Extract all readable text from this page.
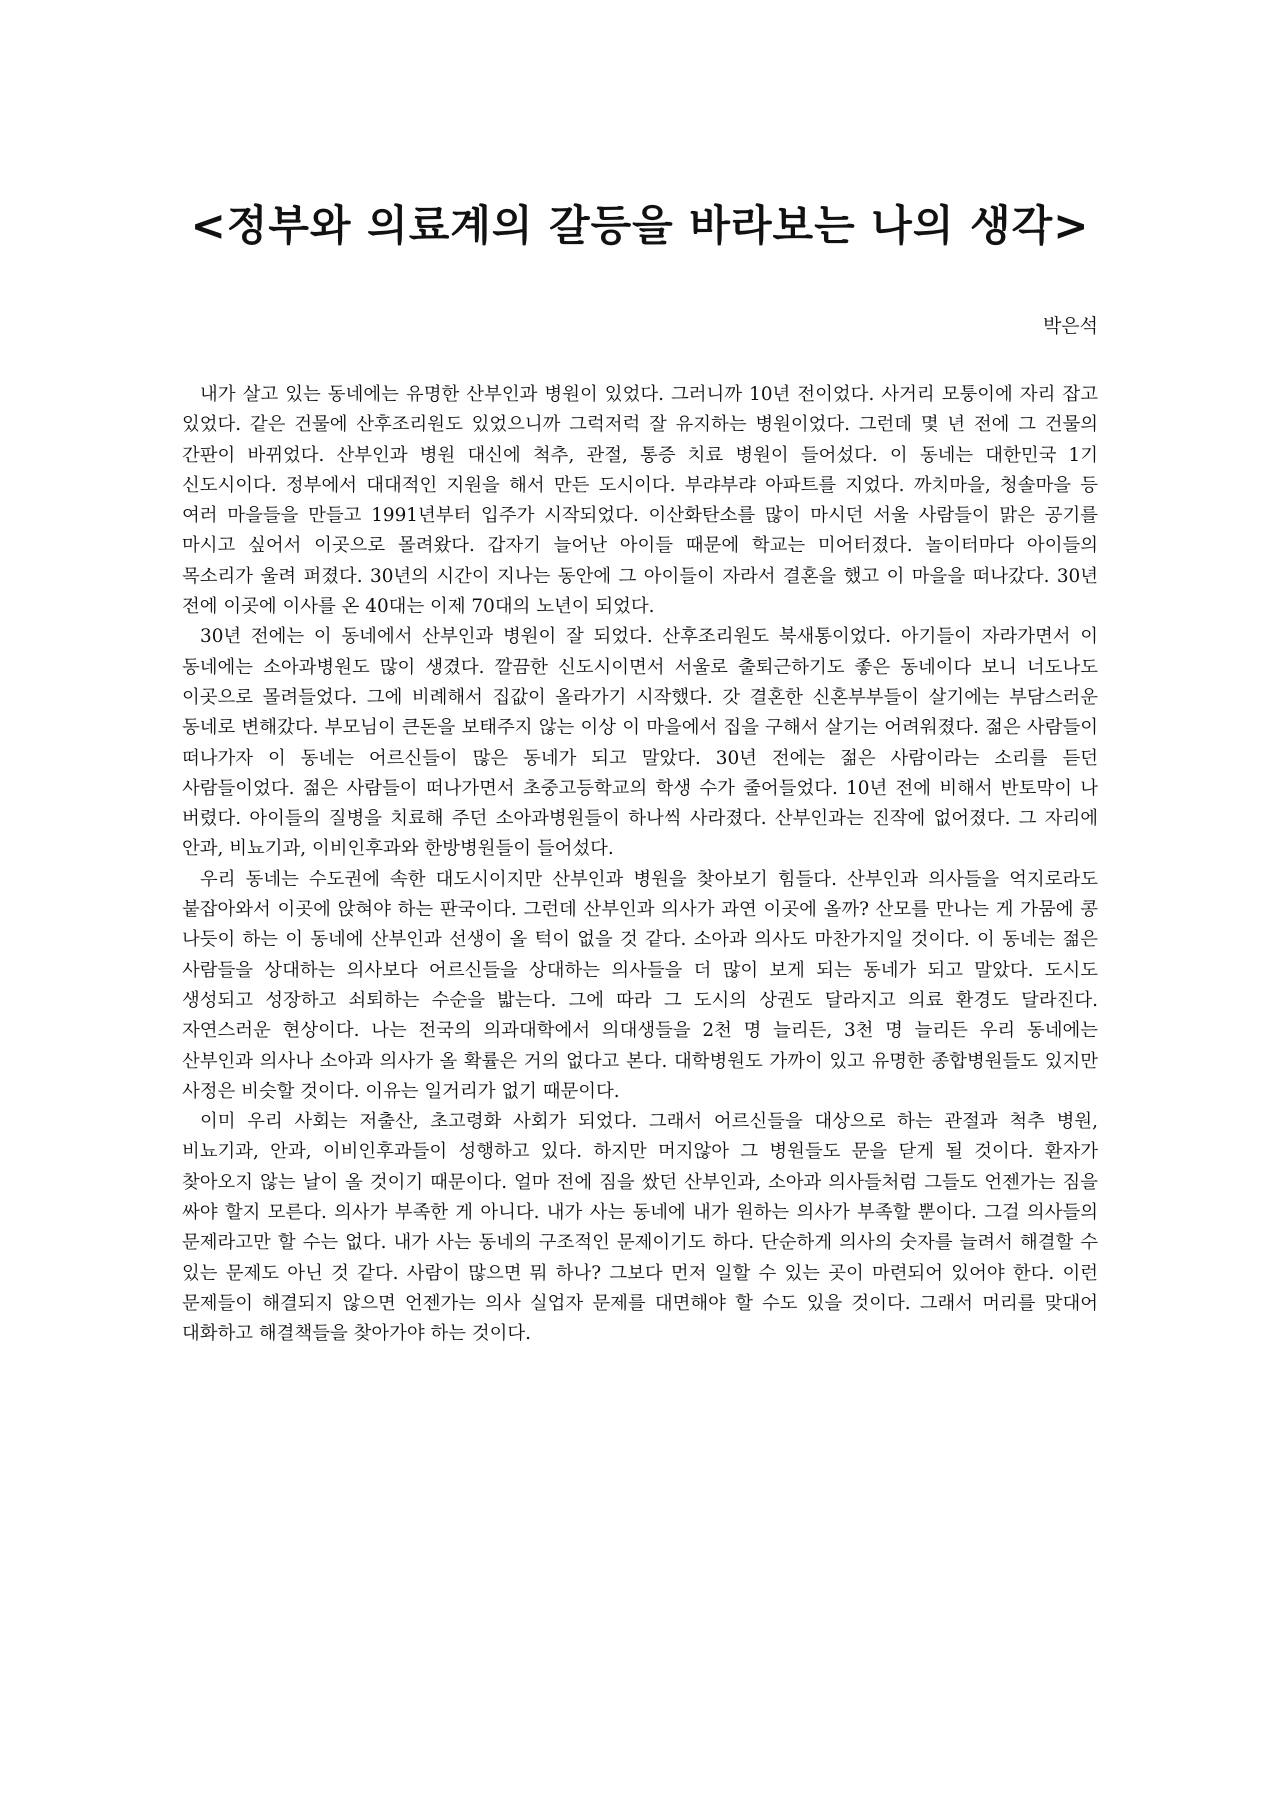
<정부와 의료계의 갈등을 바라보는 나의 생각>

박은석

내가 살고 있는 동네에는 유명한 산부인과 병원이 있었다. 그러니까 10년 전이었다. 사거리 모퉁이에 자리 잡고 있었다. 같은 건물에 산후조리원도 있었으니까 그럭저럭 잘 유지하는 병원이었다. 그런데 몇 년 전에 그 건물의 간판이 바뀌었다. 산부인과 병원 대신에 척추, 관절, 통증 치료 병원이 들어섰다. 이 동네는 대한민국 1기 신도시이다. 정부에서 대대적인 지원을 해서 만든 도시이다. 부랴부랴 아파트를 지었다. 까치마을, 청솔마을 등 여러 마을들을 만들고 1991년부터 입주가 시작되었다. 이산화탄소를 많이 마시던 서울 사람들이 맑은 공기를 마시고 싶어서 이곳으로 몰려왔다. 갑자기 늘어난 아이들 때문에 학교는 미어터졌다. 놀이터마다 아이들의 목소리가 울려 퍼졌다. 30년의 시간이 지나는 동안에 그 아이들이 자라서 결혼을 했고 이 마을을 떠나갔다. 30년 전에 이곳에 이사를 온 40대는 이제 70대의 노년이 되었다.

30년 전에는 이 동네에서 산부인과 병원이 잘 되었다. 산후조리원도 북새통이었다. 아기들이 자라가면서 이 동네에는 소아과병원도 많이 생겼다. 깔끔한 신도시이면서 서울로 출퇴근하기도 좋은 동네이다 보니 너도나도 이곳으로 몰려들었다. 그에 비례해서 집값이 올라가기 시작했다. 갓 결혼한 신혼부부들이 살기에는 부담스러운 동네로 변해갔다. 부모님이 큰돈을 보태주지 않는 이상 이 마을에서 집을 구해서 살기는 어려워졌다. 젊은 사람들이 떠나가자 이 동네는 어르신들이 많은 동네가 되고 말았다. 30년 전에는 젊은 사람이라는 소리를 듣던 사람들이었다. 젊은 사람들이 떠나가면서 초중고등학교의 학생 수가 줄어들었다. 10년 전에 비해서 반토막이 나 버렸다. 아이들의 질병을 치료해 주던 소아과병원들이 하나씩 사라졌다. 산부인과는 진작에 없어졌다. 그 자리에 안과, 비뇨기과, 이비인후과와 한방병원들이 들어섰다.

우리 동네는 수도권에 속한 대도시이지만 산부인과 병원을 찾아보기 힘들다. 산부인과 의사들을 억지로라도 붙잡아와서 이곳에 앉혀야 하는 판국이다. 그런데 산부인과 의사가 과연 이곳에 올까? 산모를 만나는 게 가뭄에 콩 나듯이 하는 이 동네에 산부인과 선생이 올 턱이 없을 것 같다. 소아과 의사도 마찬가지일 것이다. 이 동네는 젊은 사람들을 상대하는 의사보다 어르신들을 상대하는 의사들을 더 많이 보게 되는 동네가 되고 말았다. 도시도 생성되고 성장하고 쇠퇴하는 수순을 밟는다. 그에 따라 그 도시의 상권도 달라지고 의료 환경도 달라진다. 자연스러운 현상이다. 나는 전국의 의과대학에서 의대생들을 2천 명 늘리든, 3천 명 늘리든 우리 동네에는 산부인과 의사나 소아과 의사가 올 확률은 거의 없다고 본다. 대학병원도 가까이 있고 유명한 종합병원들도 있지만 사정은 비슷할 것이다. 이유는 일거리가 없기 때문이다.

이미 우리 사회는 저출산, 초고령화 사회가 되었다. 그래서 어르신들을 대상으로 하는 관절과 척추 병원, 비뇨기과, 안과, 이비인후과들이 성행하고 있다. 하지만 머지않아 그 병원들도 문을 닫게 될 것이다. 환자가 찾아오지 않는 날이 올 것이기 때문이다. 얼마 전에 짐을 쌌던 산부인과, 소아과 의사들처럼 그들도 언젠가는 짐을 싸야 할지 모른다. 의사가 부족한 게 아니다. 내가 사는 동네에 내가 원하는 의사가 부족할 뿐이다. 그걸 의사들의 문제라고만 할 수는 없다. 내가 사는 동네의 구조적인 문제이기도 하다. 단순하게 의사의 숫자를 늘려서 해결할 수 있는 문제도 아닌 것 같다. 사람이 많으면 뭐 하나? 그보다 먼저 일할 수 있는 곳이 마련되어 있어야 한다. 이런 문제들이 해결되지 않으면 언젠가는 의사 실업자 문제를 대면해야 할 수도 있을 것이다. 그래서 머리를 맞대어 대화하고 해결책들을 찾아가야 하는 것이다.
